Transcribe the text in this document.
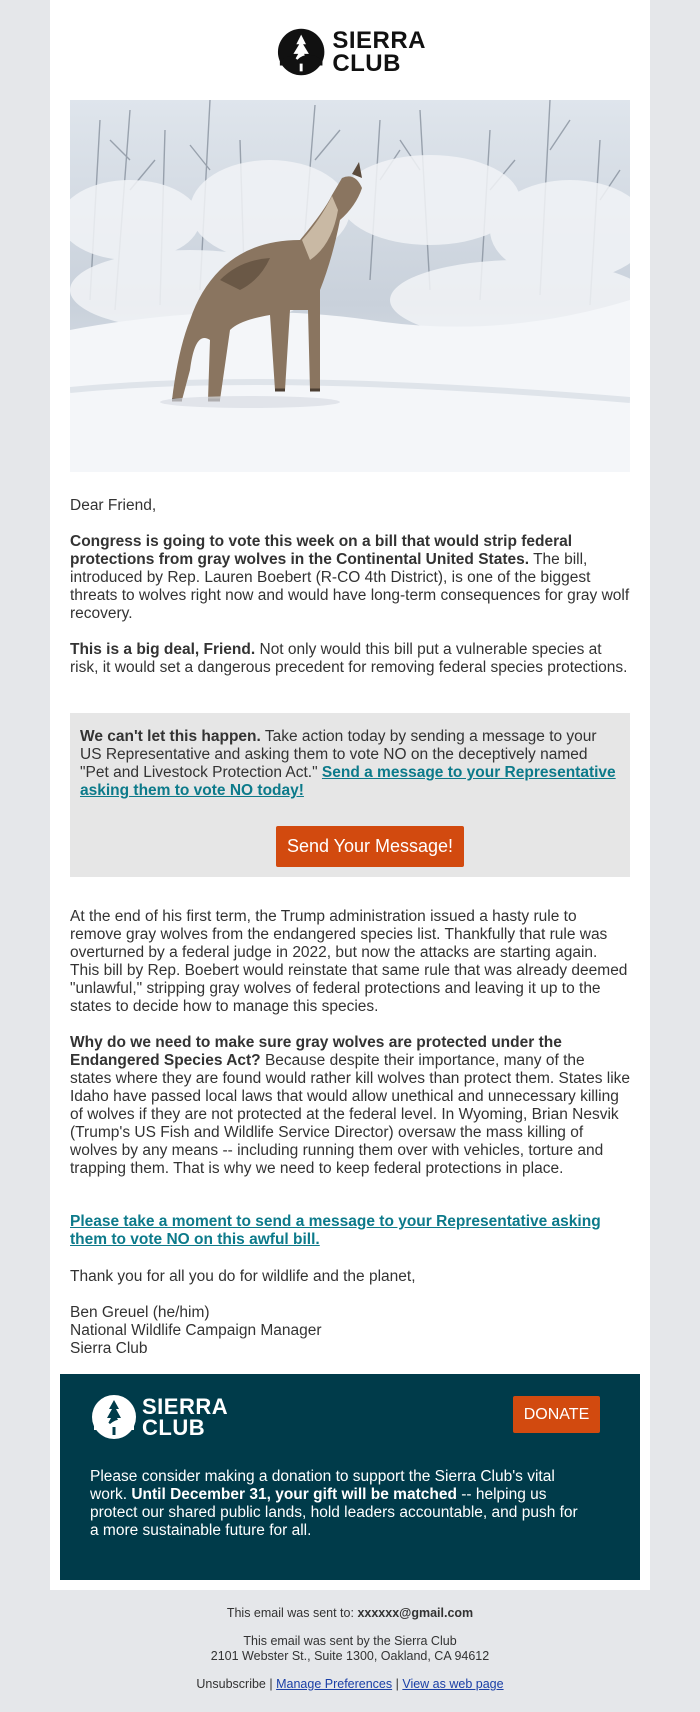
SIERRA
CLUB

Dear Friend,

Congress is going to vote this week on a bill that would strip federal protections from gray wolves in the Continental United States. The bill, introduced by Rep. Lauren Boebert (R-CO 4th District), is one of the biggest threats to wolves right now and would have long-term consequences for gray wolf recovery.

This is a big deal, Friend. Not only would this bill put a vulnerable species at risk, it would set a dangerous precedent for removing federal species protections.

We can't let this happen. Take action today by sending a message to your US Representative and asking them to vote NO on the deceptively named "Pet and Livestock Protection Act." Send a message to your Representative asking them to vote NO today!

Send Your Message!

At the end of his first term, the Trump administration issued a hasty rule to remove gray wolves from the endangered species list. Thankfully that rule was overturned by a federal judge in 2022, but now the attacks are starting again. This bill by Rep. Boebert would reinstate that same rule that was already deemed "unlawful," stripping gray wolves of federal protections and leaving it up to the states to decide how to manage this species.

Why do we need to make sure gray wolves are protected under the Endangered Species Act? Because despite their importance, many of the states where they are found would rather kill wolves than protect them. States like Idaho have passed local laws that would allow unethical and unnecessary killing of wolves if they are not protected at the federal level. In Wyoming, Brian Nesvik (Trump's US Fish and Wildlife Service Director) oversaw the mass killing of wolves by any means -- including running them over with vehicles, torture and trapping them. That is why we need to keep federal protections in place.

Please take a moment to send a message to your Representative asking them to vote NO on this awful bill.

Thank you for all you do for wildlife and the planet,

Ben Greuel (he/him)
National Wildlife Campaign Manager
Sierra Club
SIERRA
CLUB
DONATE

Please consider making a donation to support the Sierra Club's vital work. Until December 31, your gift will be matched -- helping us protect our shared public lands, hold leaders accountable, and push for a more sustainable future for all.

This email was sent to: xxxxxx@gmail.com
This email was sent by the Sierra Club
2101 Webster St., Suite 1300, Oakland, CA 94612
Unsubscribe | Manage Preferences | View as web page
